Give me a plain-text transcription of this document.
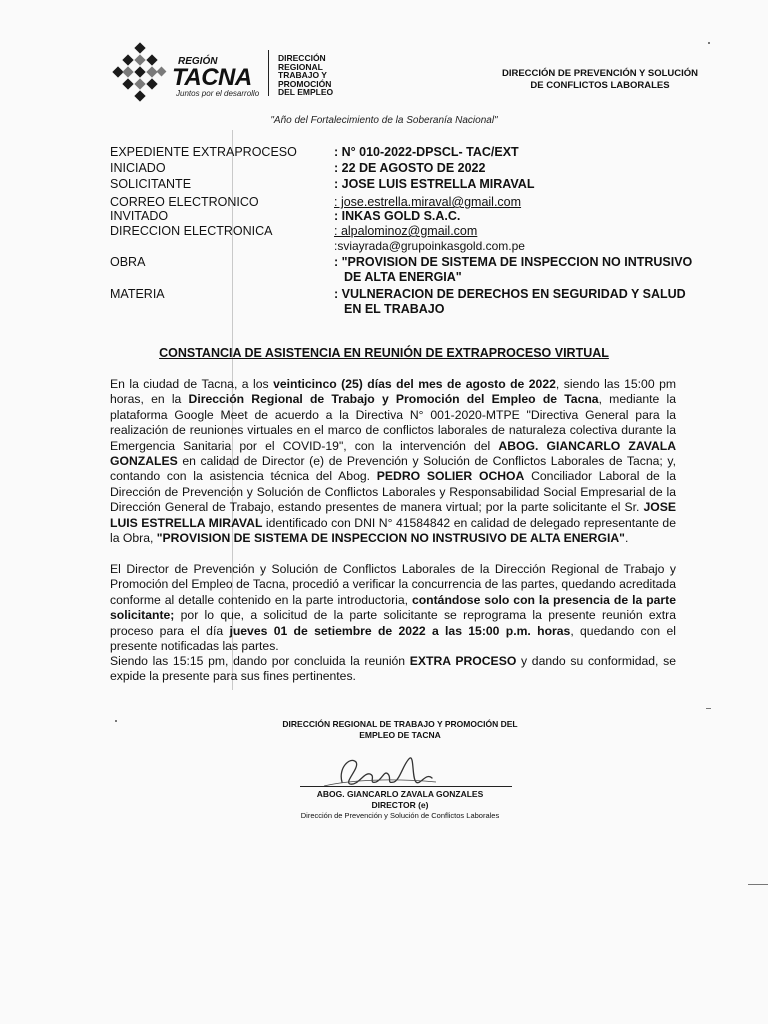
REGIÓN
TACNA
Juntos por el desarrollo
DIRECCIÓN
REGIONAL
TRABAJO Y
PROMOCIÓN
DEL EMPLEO
DIRECCIÓN DE PREVENCIÓN Y SOLUCIÓN
DE CONFLICTOS LABORALES
"Año del Fortalecimiento de la Soberanía Nacional"
EXPEDIENTE EXTRAPROCESO	: N° 010-2022-DPSCL- TAC/EXT
INICIADO	: 22 DE AGOSTO DE 2022
SOLICITANTE	: JOSE LUIS ESTRELLA MIRAVAL
CORREO ELECTRONICO	: jose.estrella.miraval@gmail.com
INVITADO	: INKAS GOLD S.A.C.
DIRECCION ELECTRONICA	: alpalominoz@gmail.com
:sviayrada@grupoinkasgold.com.pe
OBRA	: "PROVISION DE SISTEMA DE INSPECCION NO INTRUSIVO
DE ALTA ENERGIA"
MATERIA	: VULNERACION DE DERECHOS EN SEGURIDAD Y SALUD
EN EL TRABAJO
CONSTANCIA DE ASISTENCIA EN REUNIÓN DE EXTRAPROCESO VIRTUAL
En la ciudad de Tacna, a los veinticinco (25) días del mes de agosto de 2022, siendo las 15:00 pm horas, en la Dirección Regional de Trabajo y Promoción del Empleo de Tacna, mediante la plataforma Google Meet de acuerdo a la Directiva N° 001-2020-MTPE "Directiva General para la realización de reuniones virtuales en el marco de conflictos laborales de naturaleza colectiva durante la Emergencia Sanitaria por el COVID-19", con la intervención del ABOG. GIANCARLO ZAVALA GONZALES en calidad de Director (e) de Prevención y Solución de Conflictos Laborales de Tacna; y, contando con la asistencia técnica del Abog. PEDRO SOLIER OCHOA Conciliador Laboral de la Dirección de Prevención y Solución de Conflictos Laborales y Responsabilidad Social Empresarial de la Dirección General de Trabajo, estando presentes de manera virtual; por la parte solicitante el Sr. JOSE LUIS ESTRELLA MIRAVAL identificado con DNI N° 41584842 en calidad de delegado representante de la Obra, "PROVISION DE SISTEMA DE INSPECCION NO INSTRUSIVO DE ALTA ENERGIA".
El Director de Prevención y Solución de Conflictos Laborales de la Dirección Regional de Trabajo y Promoción del Empleo de Tacna, procedió a verificar la concurrencia de las partes, quedando acreditada conforme al detalle contenido en la parte introductoria, contándose solo con la presencia de la parte solicitante; por lo que, a solicitud de la parte solicitante se reprograma la presente reunión extra proceso para el día jueves 01 de setiembre de 2022 a las 15:00 p.m. horas, quedando con el presente notificadas las partes.
Siendo las 15:15 pm, dando por concluida la reunión EXTRA PROCESO y dando su conformidad, se expide la presente para sus fines pertinentes.
DIRECCIÓN REGIONAL DE TRABAJO Y PROMOCIÓN DEL
EMPLEO DE TACNA
ABOG. GIANCARLO ZAVALA GONZALES
DIRECTOR (e)
Dirección de Prevención y Solución de Conflictos Laborales
